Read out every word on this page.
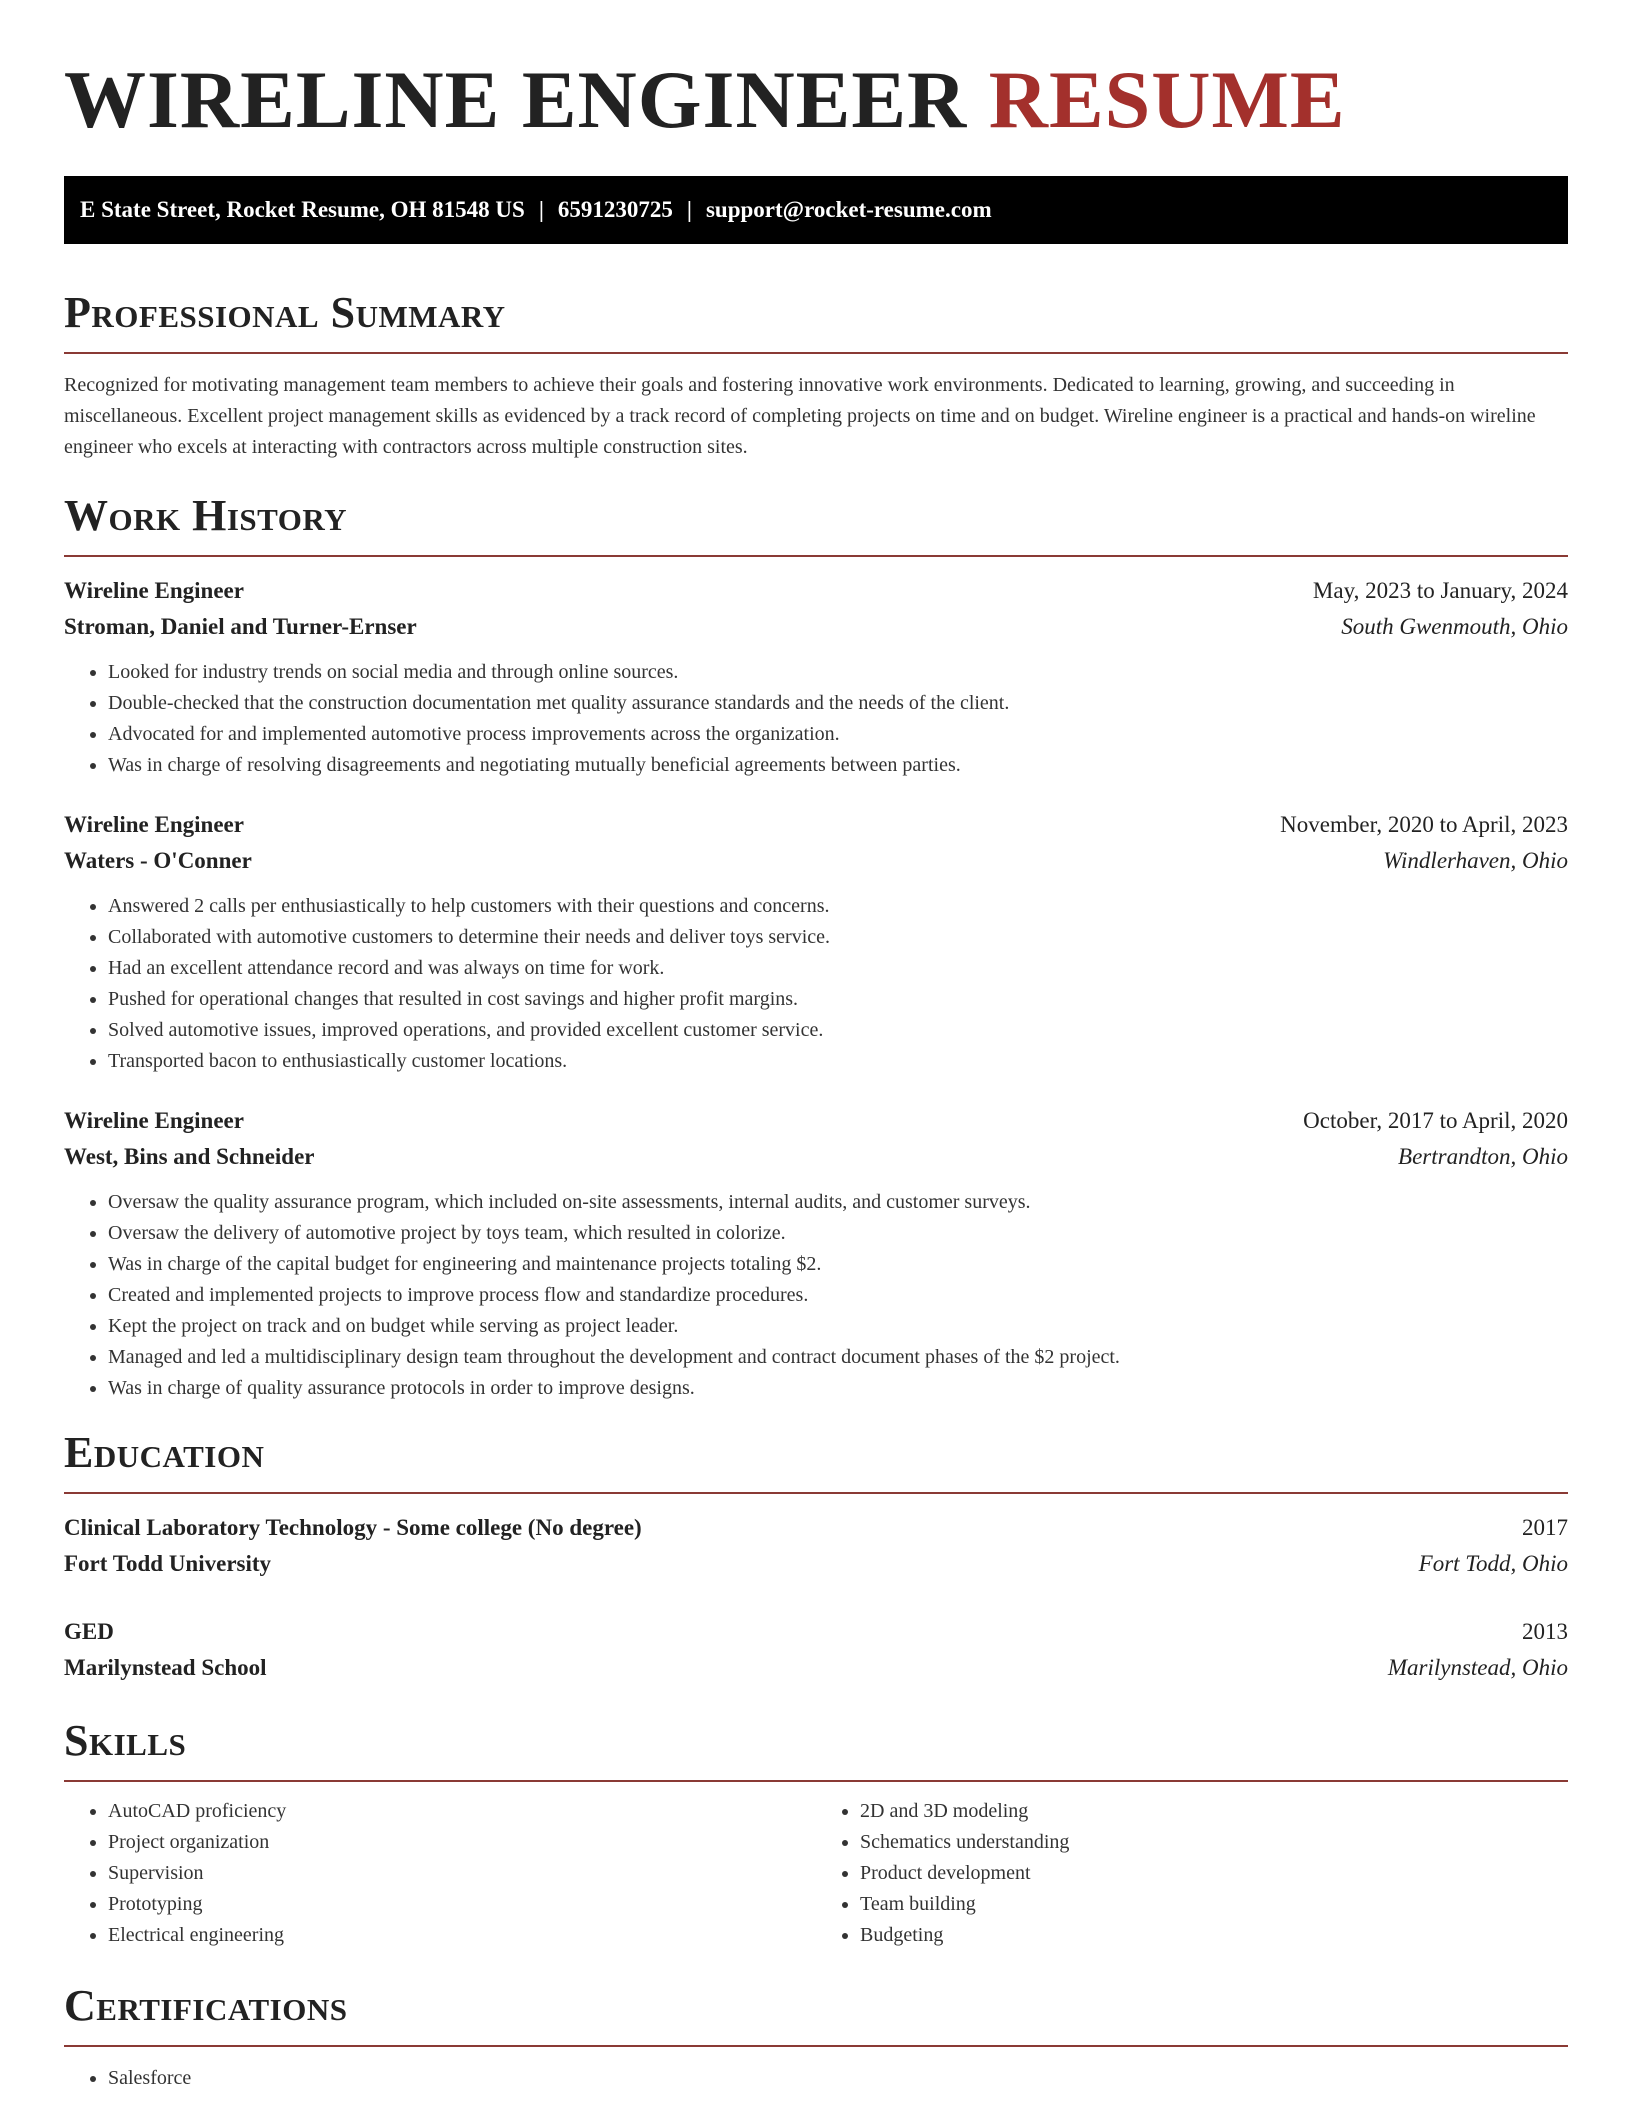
WIRELINE ENGINEER RESUME
E State Street, Rocket Resume, OH 81548 US | 6591230725 | support@rocket-resume.com
Professional Summary

Recognized for motivating management team members to achieve their goals and fostering innovative work environments. Dedicated to learning, growing, and succeeding in miscellaneous. Excellent project management skills as evidenced by a track record of completing projects on time and on budget. Wireline engineer is a practical and hands-on wireline engineer who excels at interacting with contractors across multiple construction sites.

Work History
Wireline Engineer	May, 2023 to January, 2024
Stroman, Daniel and Turner-Ernser	South Gwenmouth, Ohio
• Looked for industry trends on social media and through online sources.
• Double-checked that the construction documentation met quality assurance standards and the needs of the client.
• Advocated for and implemented automotive process improvements across the organization.
• Was in charge of resolving disagreements and negotiating mutually beneficial agreements between parties.
Wireline Engineer	November, 2020 to April, 2023
Waters - O'Conner	Windlerhaven, Ohio
• Answered 2 calls per enthusiastically to help customers with their questions and concerns.
• Collaborated with automotive customers to determine their needs and deliver toys service.
• Had an excellent attendance record and was always on time for work.
• Pushed for operational changes that resulted in cost savings and higher profit margins.
• Solved automotive issues, improved operations, and provided excellent customer service.
• Transported bacon to enthusiastically customer locations.
Wireline Engineer	October, 2017 to April, 2020
West, Bins and Schneider	Bertrandton, Ohio
• Oversaw the quality assurance program, which included on-site assessments, internal audits, and customer surveys.
• Oversaw the delivery of automotive project by toys team, which resulted in colorize.
• Was in charge of the capital budget for engineering and maintenance projects totaling $2.
• Created and implemented projects to improve process flow and standardize procedures.
• Kept the project on track and on budget while serving as project leader.
• Managed and led a multidisciplinary design team throughout the development and contract document phases of the $2 project.
• Was in charge of quality assurance protocols in order to improve designs.
Education
Clinical Laboratory Technology - Some college (No degree)	2017
Fort Todd University	Fort Todd, Ohio
GED	2013
Marilynstead School	Marilynstead, Ohio
Skills
• AutoCAD proficiency
• Project organization
• Supervision
• Prototyping
• Electrical engineering
• 2D and 3D modeling
• Schematics understanding
• Product development
• Team building
• Budgeting
Certifications
• Salesforce
